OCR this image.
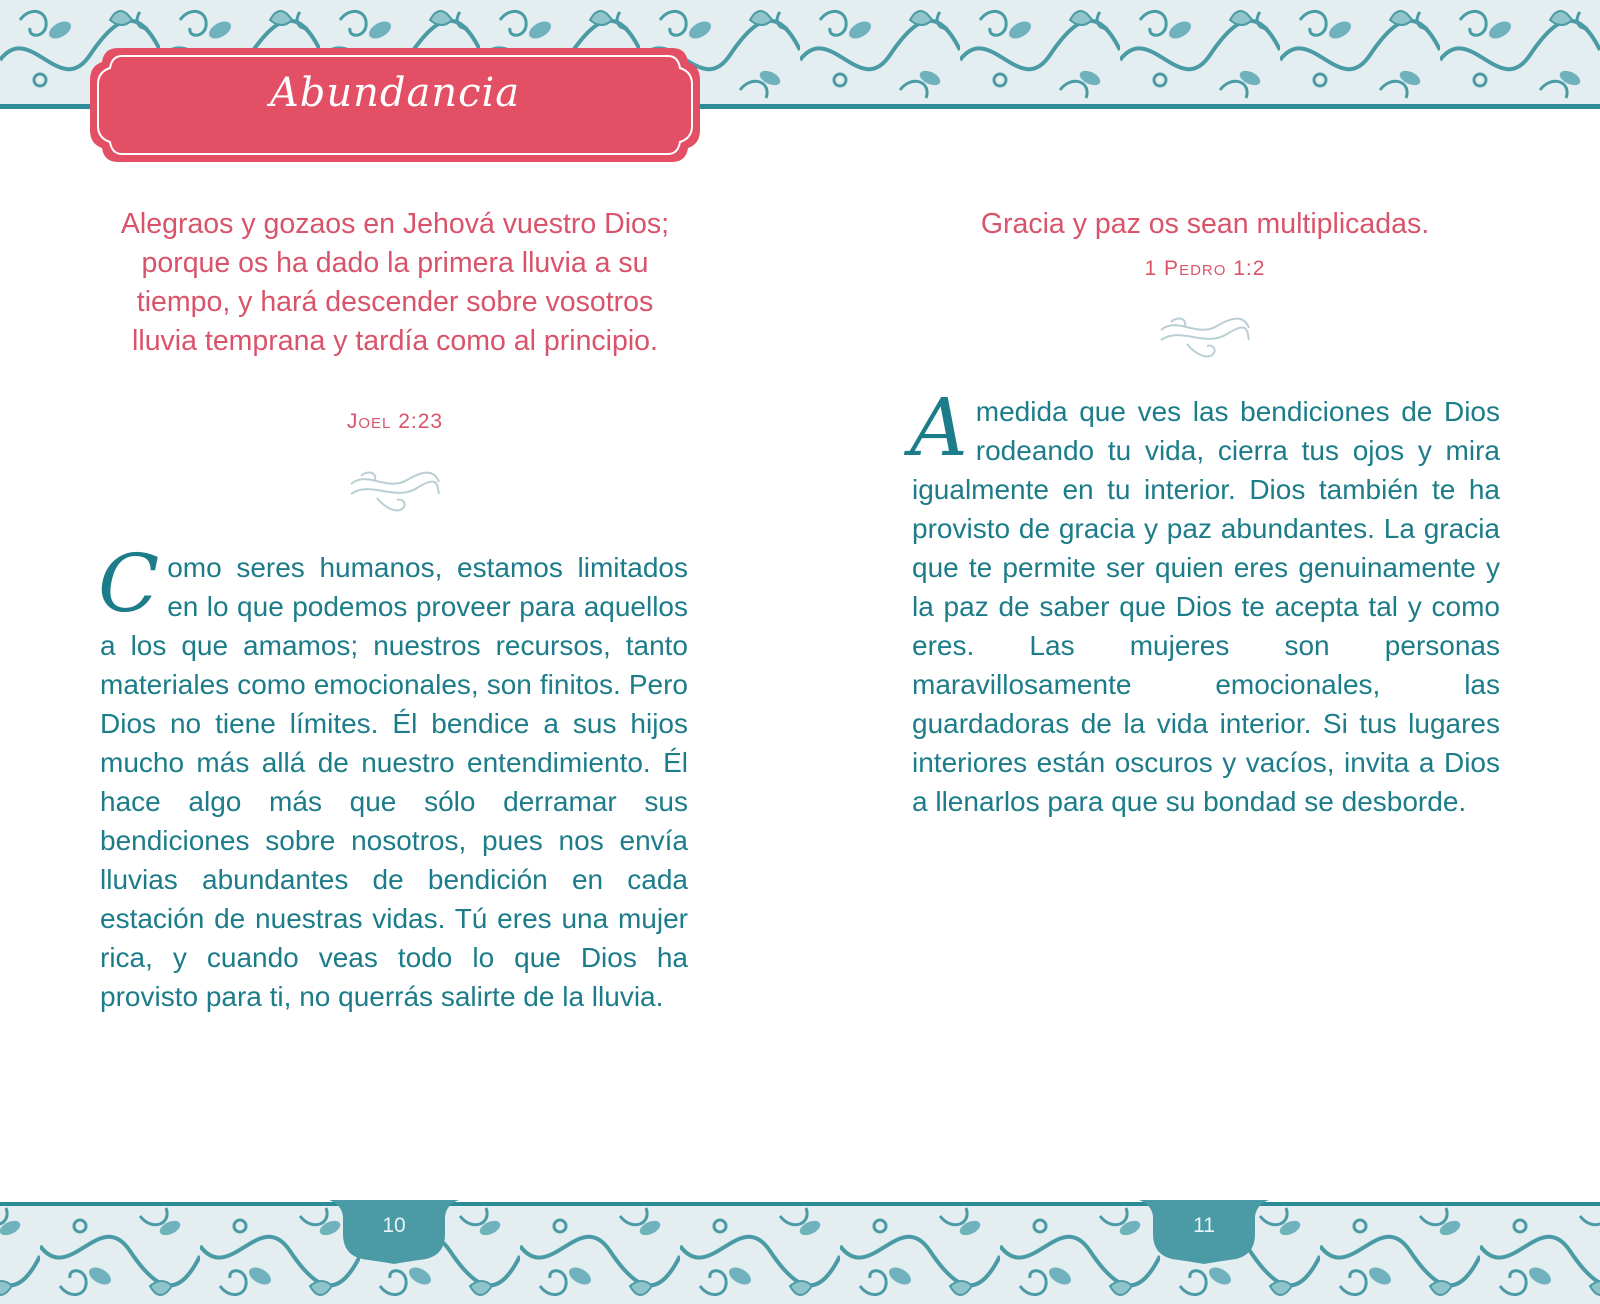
Abundancia
Alegraos y gozaos en Jehová vuestro Dios; porque os ha dado la primera lluvia a su tiempo, y hará descender sobre vosotros lluvia temprana y tardía como al principio.
Joel 2:23
Como seres humanos, estamos limitados en lo que podemos proveer para aquellos a los que amamos; nuestros recursos, tanto materiales como emocionales, son finitos. Pero Dios no tiene límites. Él bendice a sus hijos mucho más allá de nuestro entendimiento. Él hace algo más que sólo derramar sus bendiciones sobre nosotros, pues nos envía lluvias abundantes de bendición en cada estación de nuestras vidas. Tú eres una mujer rica, y cuando veas todo lo que Dios ha provisto para ti, no querrás salirte de la lluvia.
Gracia y paz os sean multiplicadas.
1 Pedro 1:2
Amedida que ves las bendiciones de Dios rodeando tu vida, cierra tus ojos y mira igualmente en tu interior. Dios también te ha provisto de gracia y paz abundantes. La gracia que te permite ser quien eres genuinamente y la paz de saber que Dios te acepta tal y como eres. Las mujeres son personas maravillosamente emocionales, las guardadoras de la vida interior. Si tus lugares interiores están oscuros y vacíos, invita a Dios a llenarlos para que su bondad se desborde.
10	11
